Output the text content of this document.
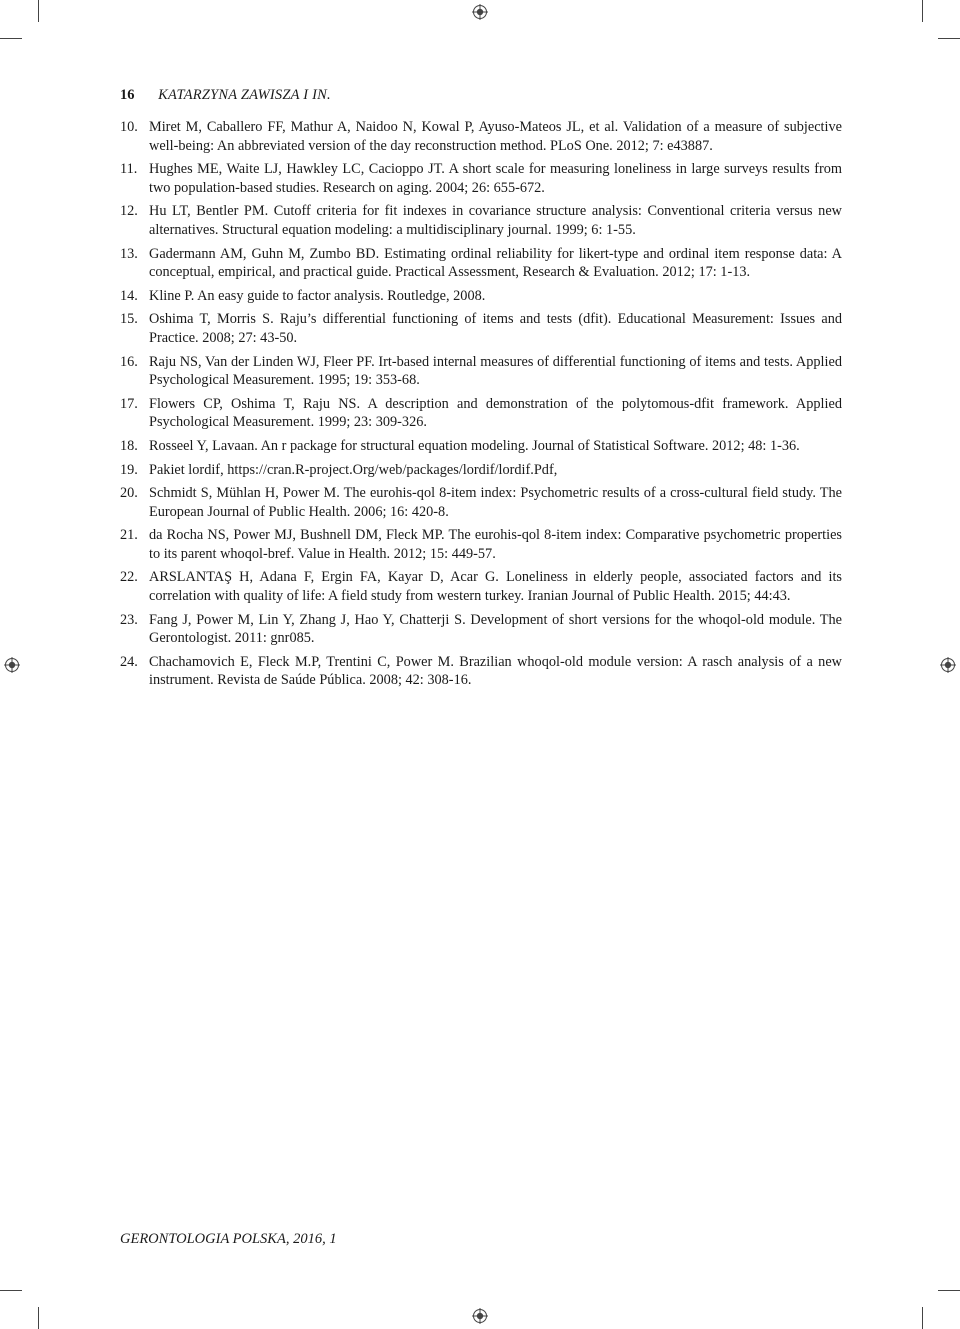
16 KATARZYNA ZAWISZA I IN.
10. Miret M, Caballero FF, Mathur A, Naidoo N, Kowal P, Ayuso-Mateos JL, et al. Validation of a measure of subjective well-being: An abbreviated version of the day reconstruction method. PLoS One. 2012; 7: e43887.
11. Hughes ME, Waite LJ, Hawkley LC, Cacioppo JT. A short scale for measuring loneliness in large surveys results from two population-based studies. Research on aging. 2004; 26: 655-672.
12. Hu LT, Bentler PM. Cutoff criteria for fit indexes in covariance structure analysis: Conventional criteria versus new alternatives. Structural equation modeling: a multidisciplinary journal. 1999; 6: 1-55.
13. Gadermann AM, Guhn M, Zumbo BD. Estimating ordinal reliability for likert-type and ordinal item response data: A conceptual, empirical, and practical guide. Practical Assessment, Research & Evaluation. 2012; 17: 1-13.
14. Kline P. An easy guide to factor analysis. Routledge, 2008.
15. Oshima T, Morris S. Raju’s differential functioning of items and tests (dfit). Educational Measurement: Issues and Practice. 2008; 27: 43-50.
16. Raju NS, Van der Linden WJ, Fleer PF. Irt-based internal measures of differential functioning of items and tests. Applied Psychological Measurement. 1995; 19: 353-68.
17. Flowers CP, Oshima T, Raju NS. A description and demonstration of the polytomous-dfit framework. Applied Psychological Measurement. 1999; 23: 309-326.
18. Rosseel Y, Lavaan. An r package for structural equation modeling. Journal of Statistical Software. 2012; 48: 1-36.
19. Pakiet lordif, https://cran.R-project.Org/web/packages/lordif/lordif.Pdf,
20. Schmidt S, Mühlan H, Power M. The eurohis-qol 8-item index: Psychometric results of a cross-cultural field study. The European Journal of Public Health. 2006; 16: 420-8.
21. da Rocha NS, Power MJ, Bushnell DM, Fleck MP. The eurohis-qol 8-item index: Comparative psychometric properties to its parent whoqol-bref. Value in Health. 2012; 15: 449-57.
22. ARSLANTAŞ H, Adana F, Ergin FA, Kayar D, Acar G. Loneliness in elderly people, associated factors and its correlation with quality of life: A field study from western turkey. Iranian Journal of Public Health. 2015; 44:43.
23. Fang J, Power M, Lin Y, Zhang J, Hao Y, Chatterji S. Development of short versions for the whoqol-old module. The Gerontologist. 2011: gnr085.
24. Chachamovich E, Fleck M.P, Trentini C, Power M. Brazilian whoqol-old module version: A rasch analysis of a new instrument. Revista de Saúde Pública. 2008; 42: 308-16.
GERONTOLOGIA POLSKA, 2016, 1
